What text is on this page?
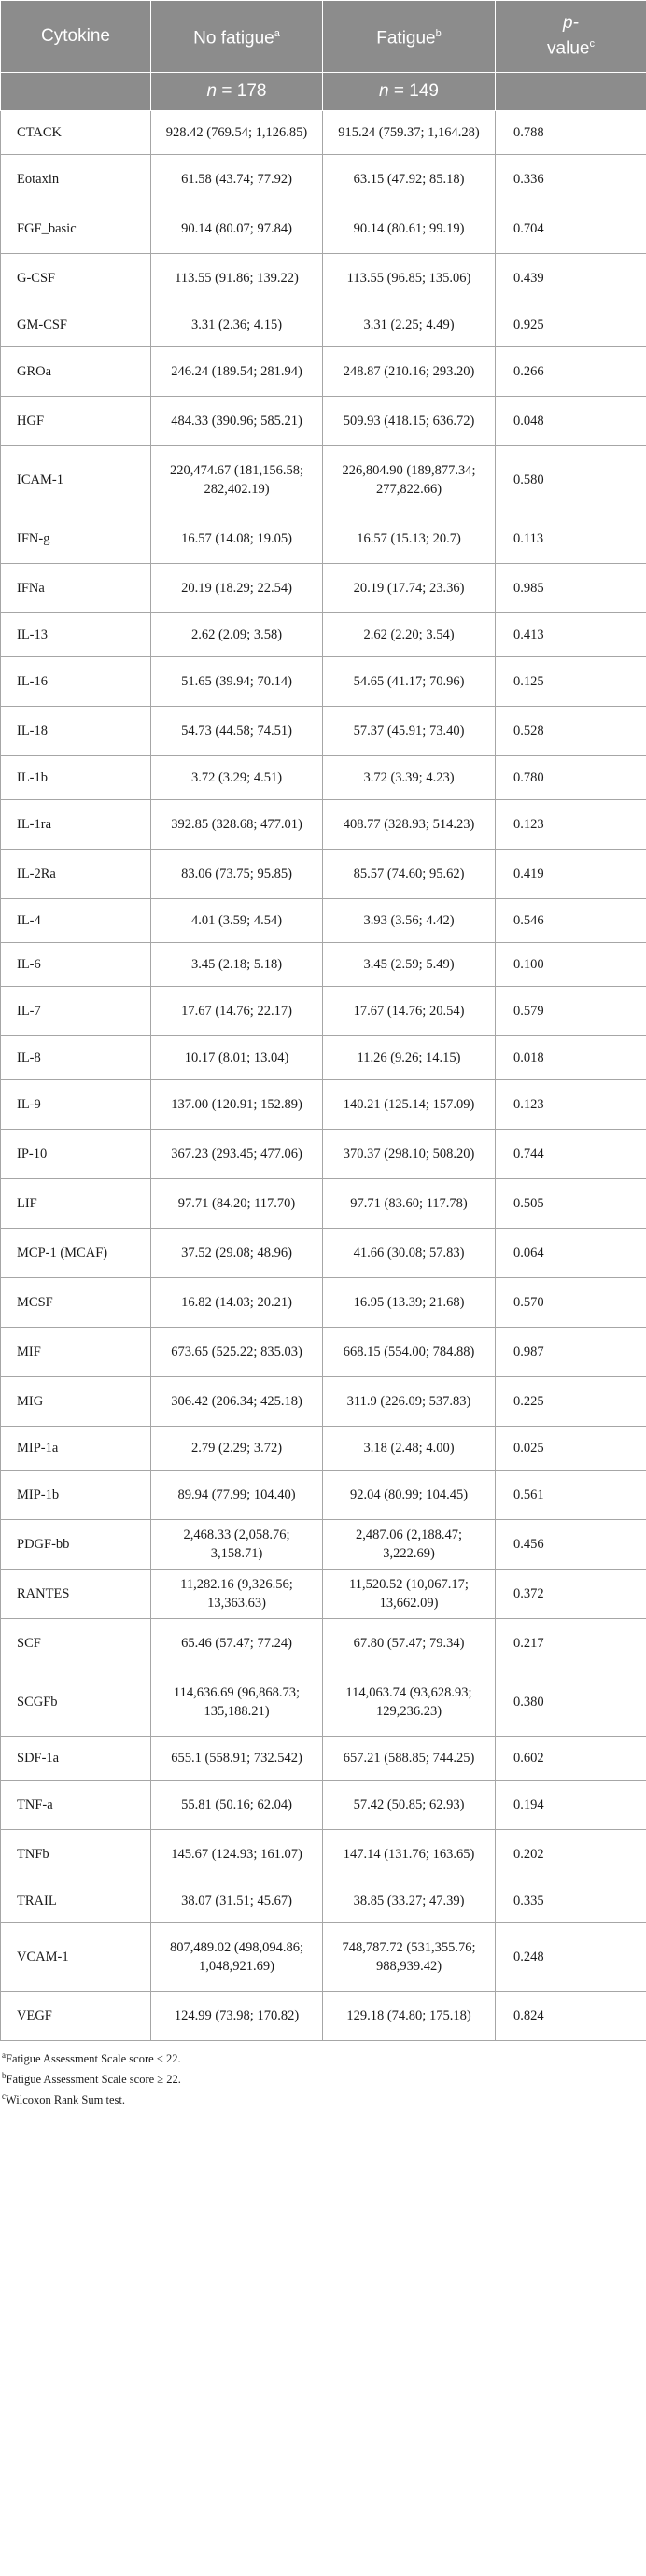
Cytokine	No fatigue$^a$	Fatigue$^b$	p-
value$^c$
	n = 178	n = 149	
CTACK	928.42 (769.54; 1,126.85)	915.24 (759.37; 1,164.28)	0.788
Eotaxin	61.58 (43.74; 77.92)	63.15 (47.92; 85.18)	0.336
FGF_basic	90.14 (80.07; 97.84)	90.14 (80.61; 99.19)	0.704
G-CSF	113.55 (91.86; 139.22)	113.55 (96.85; 135.06)	0.439
GM-CSF	3.31 (2.36; 4.15)	3.31 (2.25; 4.49)	0.925
GROa	246.24 (189.54; 281.94)	248.87 (210.16; 293.20)	0.266
HGF	484.33 (390.96; 585.21)	509.93 (418.15; 636.72)	0.048
ICAM-1	220,474.67 (181,156.58; 282,402.19)	226,804.90 (189,877.34; 277,822.66)	0.580
IFN-g	16.57 (14.08; 19.05)	16.57 (15.13; 20.7)	0.113
IFNa	20.19 (18.29; 22.54)	20.19 (17.74; 23.36)	0.985
IL-13	2.62 (2.09; 3.58)	2.62 (2.20; 3.54)	0.413
IL-16	51.65 (39.94; 70.14)	54.65 (41.17; 70.96)	0.125
IL-18	54.73 (44.58; 74.51)	57.37 (45.91; 73.40)	0.528
IL-1b	3.72 (3.29; 4.51)	3.72 (3.39; 4.23)	0.780
IL-1ra	392.85 (328.68; 477.01)	408.77 (328.93; 514.23)	0.123
IL-2Ra	83.06 (73.75; 95.85)	85.57 (74.60; 95.62)	0.419
IL-4	4.01 (3.59; 4.54)	3.93 (3.56; 4.42)	0.546
IL-6	3.45 (2.18; 5.18)	3.45 (2.59; 5.49)	0.100
IL-7	17.67 (14.76; 22.17)	17.67 (14.76; 20.54)	0.579
IL-8	10.17 (8.01; 13.04)	11.26 (9.26; 14.15)	0.018
IL-9	137.00 (120.91; 152.89)	140.21 (125.14; 157.09)	0.123
IP-10	367.23 (293.45; 477.06)	370.37 (298.10; 508.20)	0.744
LIF	97.71 (84.20; 117.70)	97.71 (83.60; 117.78)	0.505
MCP-1 (MCAF)	37.52 (29.08; 48.96)	41.66 (30.08; 57.83)	0.064
MCSF	16.82 (14.03; 20.21)	16.95 (13.39; 21.68)	0.570
MIF	673.65 (525.22; 835.03)	668.15 (554.00; 784.88)	0.987
MIG	306.42 (206.34; 425.18)	311.9 (226.09; 537.83)	0.225
MIP-1a	2.79 (2.29; 3.72)	3.18 (2.48; 4.00)	0.025
MIP-1b	89.94 (77.99; 104.40)	92.04 (80.99; 104.45)	0.561
PDGF-bb	2,468.33 (2,058.76; 3,158.71)	2,487.06 (2,188.47; 3,222.69)	0.456
RANTES	11,282.16 (9,326.56; 13,363.63)	11,520.52 (10,067.17; 13,662.09)	0.372
SCF	65.46 (57.47; 77.24)	67.80 (57.47; 79.34)	0.217
SCGFb	114,636.69 (96,868.73; 135,188.21)	114,063.74 (93,628.93; 129,236.23)	0.380
SDF-1a	655.1 (558.91; 732.542)	657.21 (588.85; 744.25)	0.602
TNF-a	55.81 (50.16; 62.04)	57.42 (50.85; 62.93)	0.194
TNFb	145.67 (124.93; 161.07)	147.14 (131.76; 163.65)	0.202
TRAIL	38.07 (31.51; 45.67)	38.85 (33.27; 47.39)	0.335
VCAM-1	807,489.02 (498,094.86; 1,048,921.69)	748,787.72 (531,355.76; 988,939.42)	0.248
VEGF	124.99 (73.98; 170.82)	129.18 (74.80; 175.18)	0.824
$^a$Fatigue Assessment Scale score < 22.
$^b$Fatigue Assessment Scale score ≥ 22.
$^c$Wilcoxon Rank Sum test.
